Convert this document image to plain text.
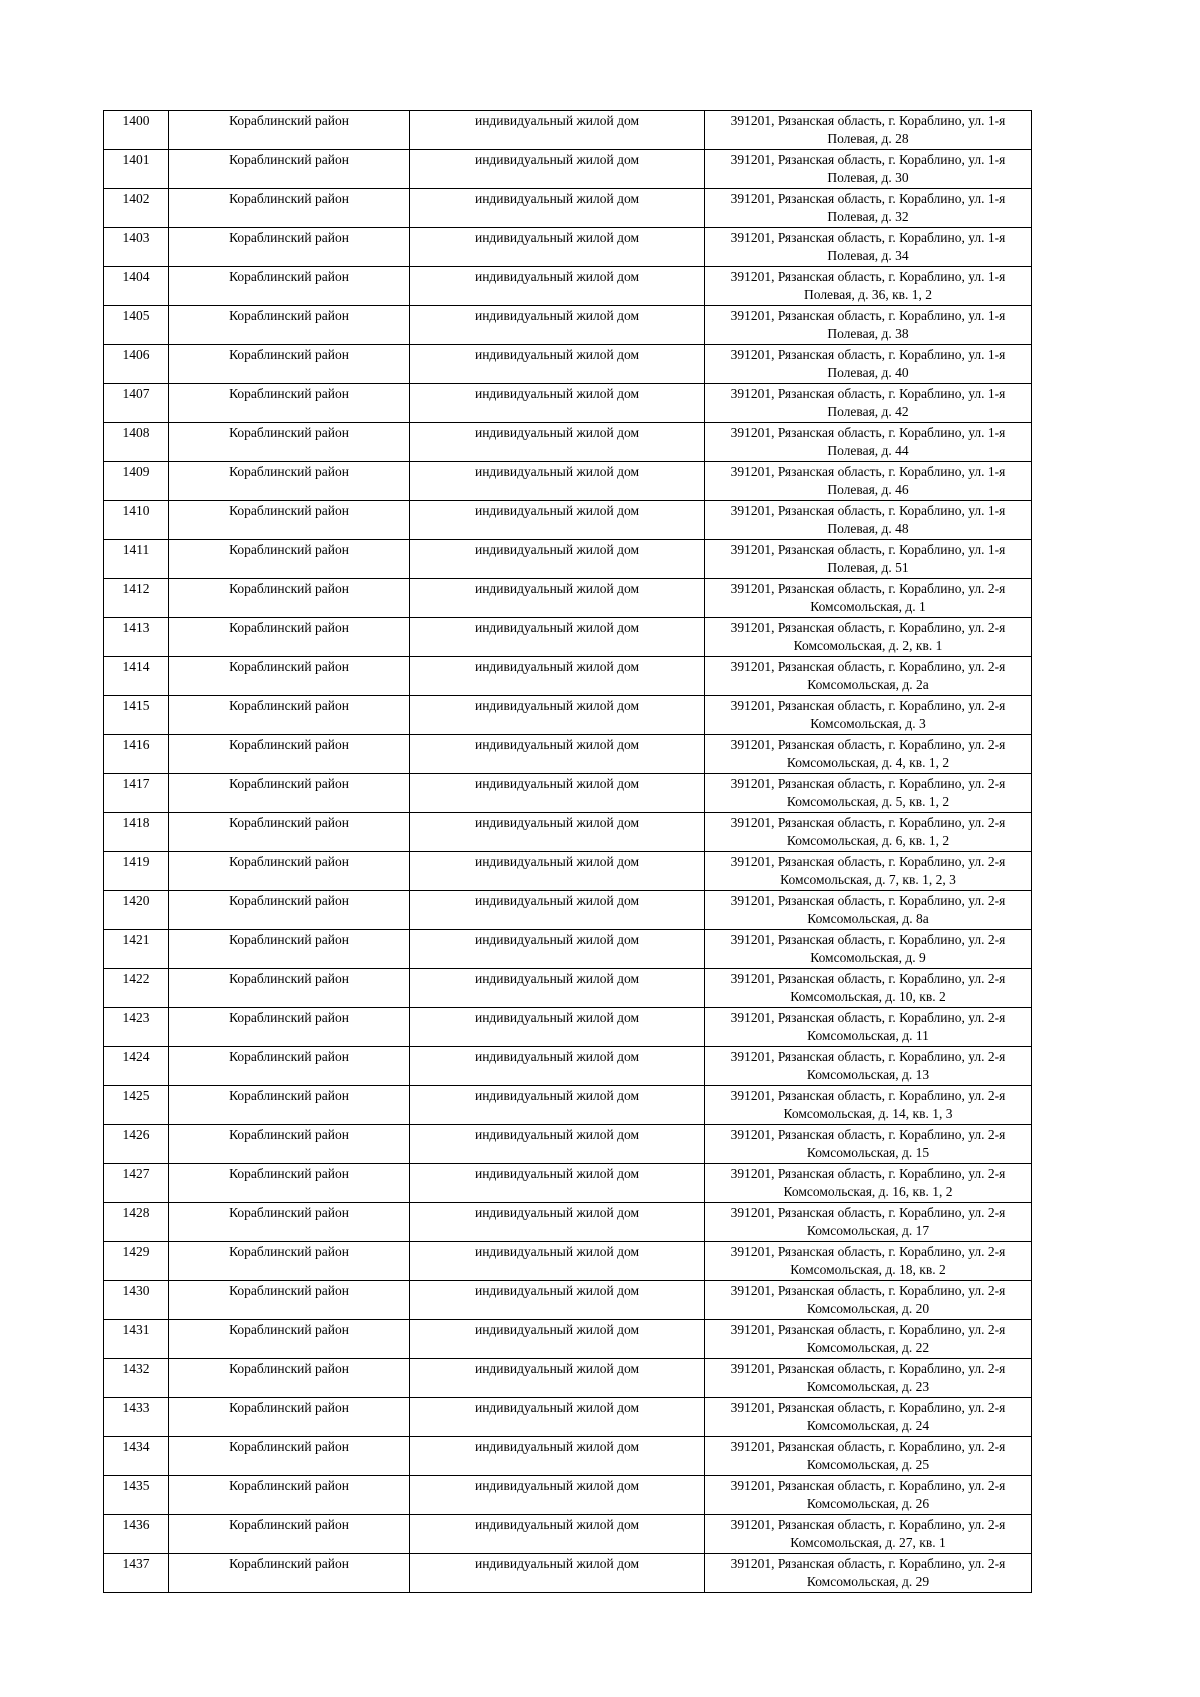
1400	Кораблинский район	индивидуальный жилой дом	391201, Рязанская область, г. Кораблино, ул. 1-я Полевая, д. 28
1401	Кораблинский район	индивидуальный жилой дом	391201, Рязанская область, г. Кораблино, ул. 1-я Полевая, д. 30
1402	Кораблинский район	индивидуальный жилой дом	391201, Рязанская область, г. Кораблино, ул. 1-я Полевая, д. 32
1403	Кораблинский район	индивидуальный жилой дом	391201, Рязанская область, г. Кораблино, ул. 1-я Полевая, д. 34
1404	Кораблинский район	индивидуальный жилой дом	391201, Рязанская область, г. Кораблино, ул. 1-я Полевая, д. 36, кв. 1, 2
1405	Кораблинский район	индивидуальный жилой дом	391201, Рязанская область, г. Кораблино, ул. 1-я Полевая, д. 38
1406	Кораблинский район	индивидуальный жилой дом	391201, Рязанская область, г. Кораблино, ул. 1-я Полевая, д. 40
1407	Кораблинский район	индивидуальный жилой дом	391201, Рязанская область, г. Кораблино, ул. 1-я Полевая, д. 42
1408	Кораблинский район	индивидуальный жилой дом	391201, Рязанская область, г. Кораблино, ул. 1-я Полевая, д. 44
1409	Кораблинский район	индивидуальный жилой дом	391201, Рязанская область, г. Кораблино, ул. 1-я Полевая, д. 46
1410	Кораблинский район	индивидуальный жилой дом	391201, Рязанская область, г. Кораблино, ул. 1-я Полевая, д. 48
1411	Кораблинский район	индивидуальный жилой дом	391201, Рязанская область, г. Кораблино, ул. 1-я Полевая, д. 51
1412	Кораблинский район	индивидуальный жилой дом	391201, Рязанская область, г. Кораблино, ул. 2-я Комсомольская, д. 1
1413	Кораблинский район	индивидуальный жилой дом	391201, Рязанская область, г. Кораблино, ул. 2-я Комсомольская, д. 2, кв. 1
1414	Кораблинский район	индивидуальный жилой дом	391201, Рязанская область, г. Кораблино, ул. 2-я Комсомольская, д. 2а
1415	Кораблинский район	индивидуальный жилой дом	391201, Рязанская область, г. Кораблино, ул. 2-я Комсомольская, д. 3
1416	Кораблинский район	индивидуальный жилой дом	391201, Рязанская область, г. Кораблино, ул. 2-я Комсомольская, д. 4, кв. 1, 2
1417	Кораблинский район	индивидуальный жилой дом	391201, Рязанская область, г. Кораблино, ул. 2-я Комсомольская, д. 5, кв. 1, 2
1418	Кораблинский район	индивидуальный жилой дом	391201, Рязанская область, г. Кораблино, ул. 2-я Комсомольская, д. 6, кв. 1, 2
1419	Кораблинский район	индивидуальный жилой дом	391201, Рязанская область, г. Кораблино, ул. 2-я Комсомольская, д. 7, кв. 1, 2, 3
1420	Кораблинский район	индивидуальный жилой дом	391201, Рязанская область, г. Кораблино, ул. 2-я Комсомольская, д. 8а
1421	Кораблинский район	индивидуальный жилой дом	391201, Рязанская область, г. Кораблино, ул. 2-я Комсомольская, д. 9
1422	Кораблинский район	индивидуальный жилой дом	391201, Рязанская область, г. Кораблино, ул. 2-я Комсомольская, д. 10, кв. 2
1423	Кораблинский район	индивидуальный жилой дом	391201, Рязанская область, г. Кораблино, ул. 2-я Комсомольская, д. 11
1424	Кораблинский район	индивидуальный жилой дом	391201, Рязанская область, г. Кораблино, ул. 2-я Комсомольская, д. 13
1425	Кораблинский район	индивидуальный жилой дом	391201, Рязанская область, г. Кораблино, ул. 2-я Комсомольская, д. 14, кв. 1, 3
1426	Кораблинский район	индивидуальный жилой дом	391201, Рязанская область, г. Кораблино, ул. 2-я Комсомольская, д. 15
1427	Кораблинский район	индивидуальный жилой дом	391201, Рязанская область, г. Кораблино, ул. 2-я Комсомольская, д. 16, кв. 1, 2
1428	Кораблинский район	индивидуальный жилой дом	391201, Рязанская область, г. Кораблино, ул. 2-я Комсомольская, д. 17
1429	Кораблинский район	индивидуальный жилой дом	391201, Рязанская область, г. Кораблино, ул. 2-я Комсомольская, д. 18, кв. 2
1430	Кораблинский район	индивидуальный жилой дом	391201, Рязанская область, г. Кораблино, ул. 2-я Комсомольская, д. 20
1431	Кораблинский район	индивидуальный жилой дом	391201, Рязанская область, г. Кораблино, ул. 2-я Комсомольская, д. 22
1432	Кораблинский район	индивидуальный жилой дом	391201, Рязанская область, г. Кораблино, ул. 2-я Комсомольская, д. 23
1433	Кораблинский район	индивидуальный жилой дом	391201, Рязанская область, г. Кораблино, ул. 2-я Комсомольская, д. 24
1434	Кораблинский район	индивидуальный жилой дом	391201, Рязанская область, г. Кораблино, ул. 2-я Комсомольская, д. 25
1435	Кораблинский район	индивидуальный жилой дом	391201, Рязанская область, г. Кораблино, ул. 2-я Комсомольская, д. 26
1436	Кораблинский район	индивидуальный жилой дом	391201, Рязанская область, г. Кораблино, ул. 2-я Комсомольская, д. 27, кв. 1
1437	Кораблинский район	индивидуальный жилой дом	391201, Рязанская область, г. Кораблино, ул. 2-я Комсомольская, д. 29
